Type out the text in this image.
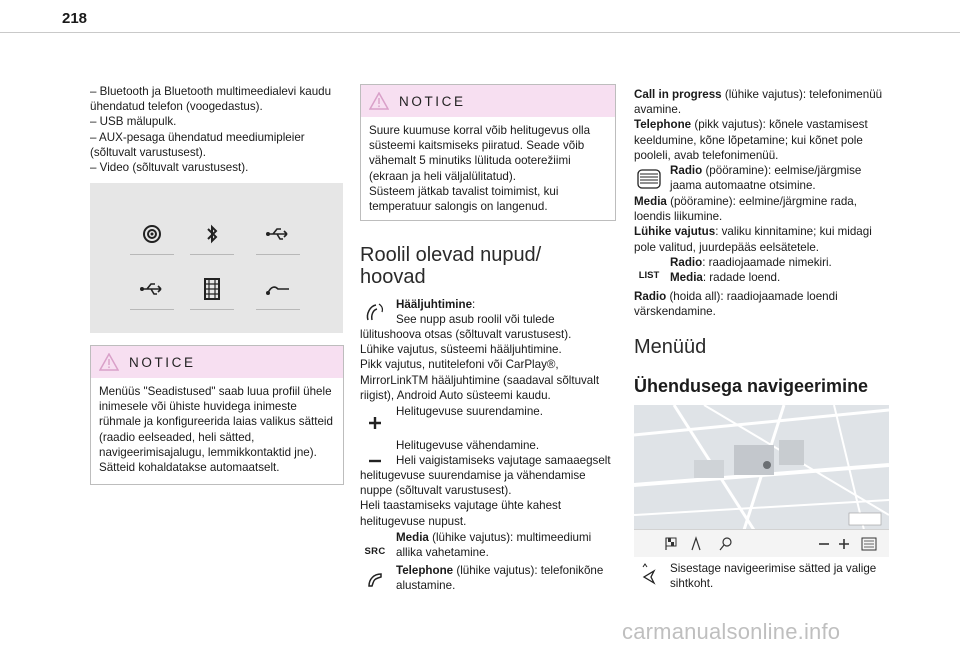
218
– Bluetooth ja Bluetooth multimeedialevi kaudu
ühendatud telefon (voogedastus).
– USB mälupulk.
– AUX-pesaga ühendatud meediumipleier
(sõltuvalt varustusest).
– Video (sõltuvalt varustusest).
NOTICE
Menüüs "Seadistused" saab luua profiil ühele
inimesele või ühiste huvidega inimeste
rühmale ja konfigureerida laias valikus sätteid
(raadio eelseaded, heli sätted,
navigeerimisajalugu, lemmikkontaktid jne).
Sätteid kohaldatakse automaatselt.
NOTICE
Suure kuumuse korral võib helitugevus olla
süsteemi kaitsmiseks piiratud. Seade võib
vähemalt 5 minutiks lülituda ooterežiimi
(ekraan ja heli väljalülitatud).
Süsteem jätkab tavalist toimimist, kui
temperatuur salongis on langenud.
Roolil olevad nupud/
hoovad

Hääljuhtimine:

See nupp asub roolil või tulede

lülitushoova otsas (sõltuvalt varustusest).

Lühike vajutus, süsteemi hääljuhtimine.

Pikk vajutus, nutitelefoni või CarPlay®,

MirrorLinkTM hääljuhtimine (saadaval sõltuvalt

riigist), Android Auto süsteemi kaudu.

Helitugevuse suurendamine.

Helitugevuse vähendamine.

Heli vaigistamiseks vajutage samaaegselt

helitugevuse suurendamise ja vähendamise

nuppe (sõltuvalt varustusest).

Heli taastamiseks vajutage ühte kahest

helitugevuse nupust.

SRC

Media (lühike vajutus): multimeediumi

allika vahetamine.

Telephone (lühike vajutus): telefonikõne

alustamine.

Call in progress (lühike vajutus): telefonimenüü

avamine.

Telephone (pikk vajutus): kõnele vastamisest

keeldumine, kõne lõpetamine; kui kõnet pole

pooleli, avab telefonimenüü.

Radio (pööramine): eelmise/järgmise

jaama automaatne otsimine.

Media (pööramine): eelmine/järgmine rada,

loendis liikumine.

Lühike vajutus: valiku kinnitamine; kui midagi

pole valitud, juurdepääs eelsätetele.

LIST

Radio: raadiojaamade nimekiri.

Media: radade loend.

Radio (hoida all): raadiojaamade loendi

värskendamine.

Menüüd
Ühendusega navigeerimine

Sisestage navigeerimise sätted ja valige

sihtkoht.

carmanualsonline.info
